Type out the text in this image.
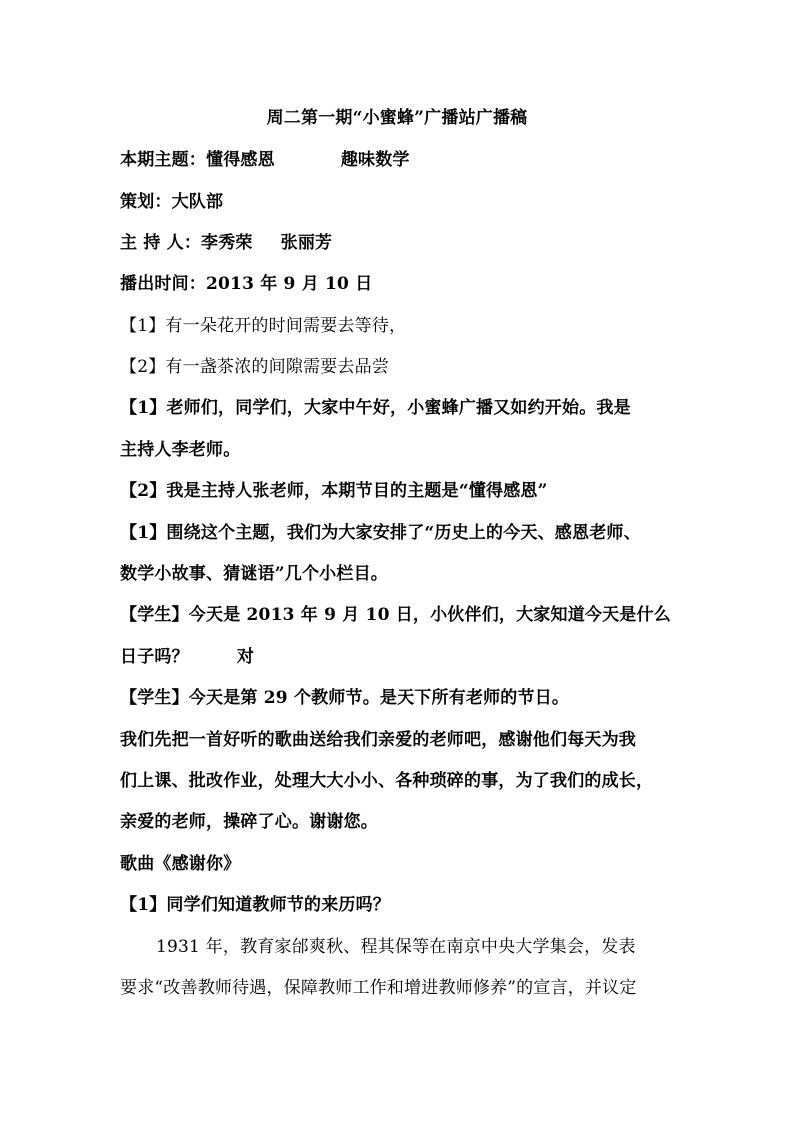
周二第一期“小蜜蜂”广播站广播稿
本期主题：懂得感恩	趣味数学
策划：大队部
主 持 人：李秀荣 张丽芳
播出时间：2013 年 9 月 10 日
【1】有一朵花开的时间需要去等待，
【2】有一盏茶浓的间隙需要去品尝
【1】老师们，同学们，大家中午好，小蜜蜂广播又如约开始。我是
主持人李老师。
【2】我是主持人张老师，本期节目的主题是“懂得感恩”
【1】围绕这个主题，我们为大家安排了“历史上的今天、感恩老师、
数学小故事、猜谜语”几个小栏目。
【学生】今天是 2013 年 9 月 10 日，小伙伴们，大家知道今天是什么
日子吗？	对
【学生】今天是第 29 个教师节。是天下所有老师的节日。
我们先把一首好听的歌曲送给我们亲爱的老师吧，感谢他们每天为我
们上课、批改作业，处理大大小小、各种琐碎的事，为了我们的成长，
亲爱的老师，操碎了心。谢谢您。
歌曲《感谢你》
【1】同学们知道教师节的来历吗？
1931 年，教育家邰爽秋、程其保等在南京中央大学集会，发表
要求“改善教师待遇，保障教师工作和增进教师修养”的宣言，并议定
